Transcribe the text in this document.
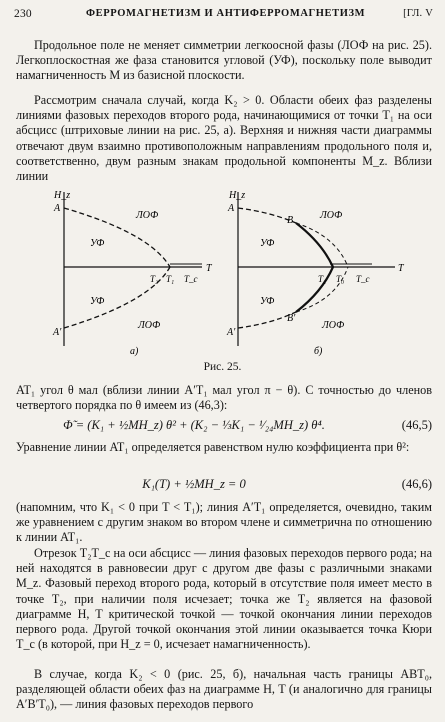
230	ФЕРРОМАГНЕТИЗМ И АНТИФЕРРОМАГНЕТИЗМ	[ГЛ. V
Продольное поле не меняет симметрии легкоосной фазы (ЛОФ на рис. 25). Легкоплоскостная же фаза становится угловой (УФ), поскольку поле выводит намагниченность M из базисной плоскости.
Рассмотрим сначала случай, когда K₂ > 0. Области обеих фаз разделены линиями фазовых переходов второго рода, начинающимися от точки T₁ на оси абсцисс (штриховые линии на рис. 25, а). Верхняя и нижняя части диаграммы отвечают двум взаимно противоположным направлениям продольного поля и, соответственно, двум разным знакам продольной компоненты M_z. Вблизи линии
H_z
T
A
A′
T₂ T₁ T_c
ЛОФ
УФ
УФ
ЛОФ
а)
H_z
T
A
A′
B
B′
T₂ T₀ T_c
ЛОФ
УФ
УФ
ЛОФ
б)
Рис. 25.
AT₁ угол θ мал (вблизи линии A′T₁ мал угол π − θ). С точностью до членов четвертого порядка по θ имеем из (46,3):
Φ̃ = (K₁ + ½MH_z) θ² + (K₂ − ⅓K₁ − ¹⁄₂₄MH_z) θ⁴.	(46,5)
Уравнение линии AT₁ определяется равенством нулю коэффициента при θ²:
K₁(T) + ½MH_z = 0	(46,6)
(напомним, что K₁ < 0 при T < T₁); линия A′T₁ определяется, очевидно, таким же уравнением с другим знаком во втором члене и симметрична по отношению к линии AT₁.
Отрезок T₂T_c на оси абсцисс — линия фазовых переходов первого рода; на ней находятся в равновесии друг с другом две фазы с различными знаками M_z. Фазовый переход второго рода, который в отсутствие поля имеет место в точке T₂, при наличии поля исчезает; точка же T₂ является на фазовой диаграмме H, T критической точкой — точкой окончания линии переходов первого рода. Другой точкой окончания этой линии оказывается точка Кюри T_c (в которой, при H_z = 0, исчезает намагниченность).
В случае, когда K₂ < 0 (рис. 25, б), начальная часть границы ABT₀, разделяющей области обеих фаз на диаграмме H, T (и аналогично для границы A′B′T₀), — линия фазовых переходов первого
